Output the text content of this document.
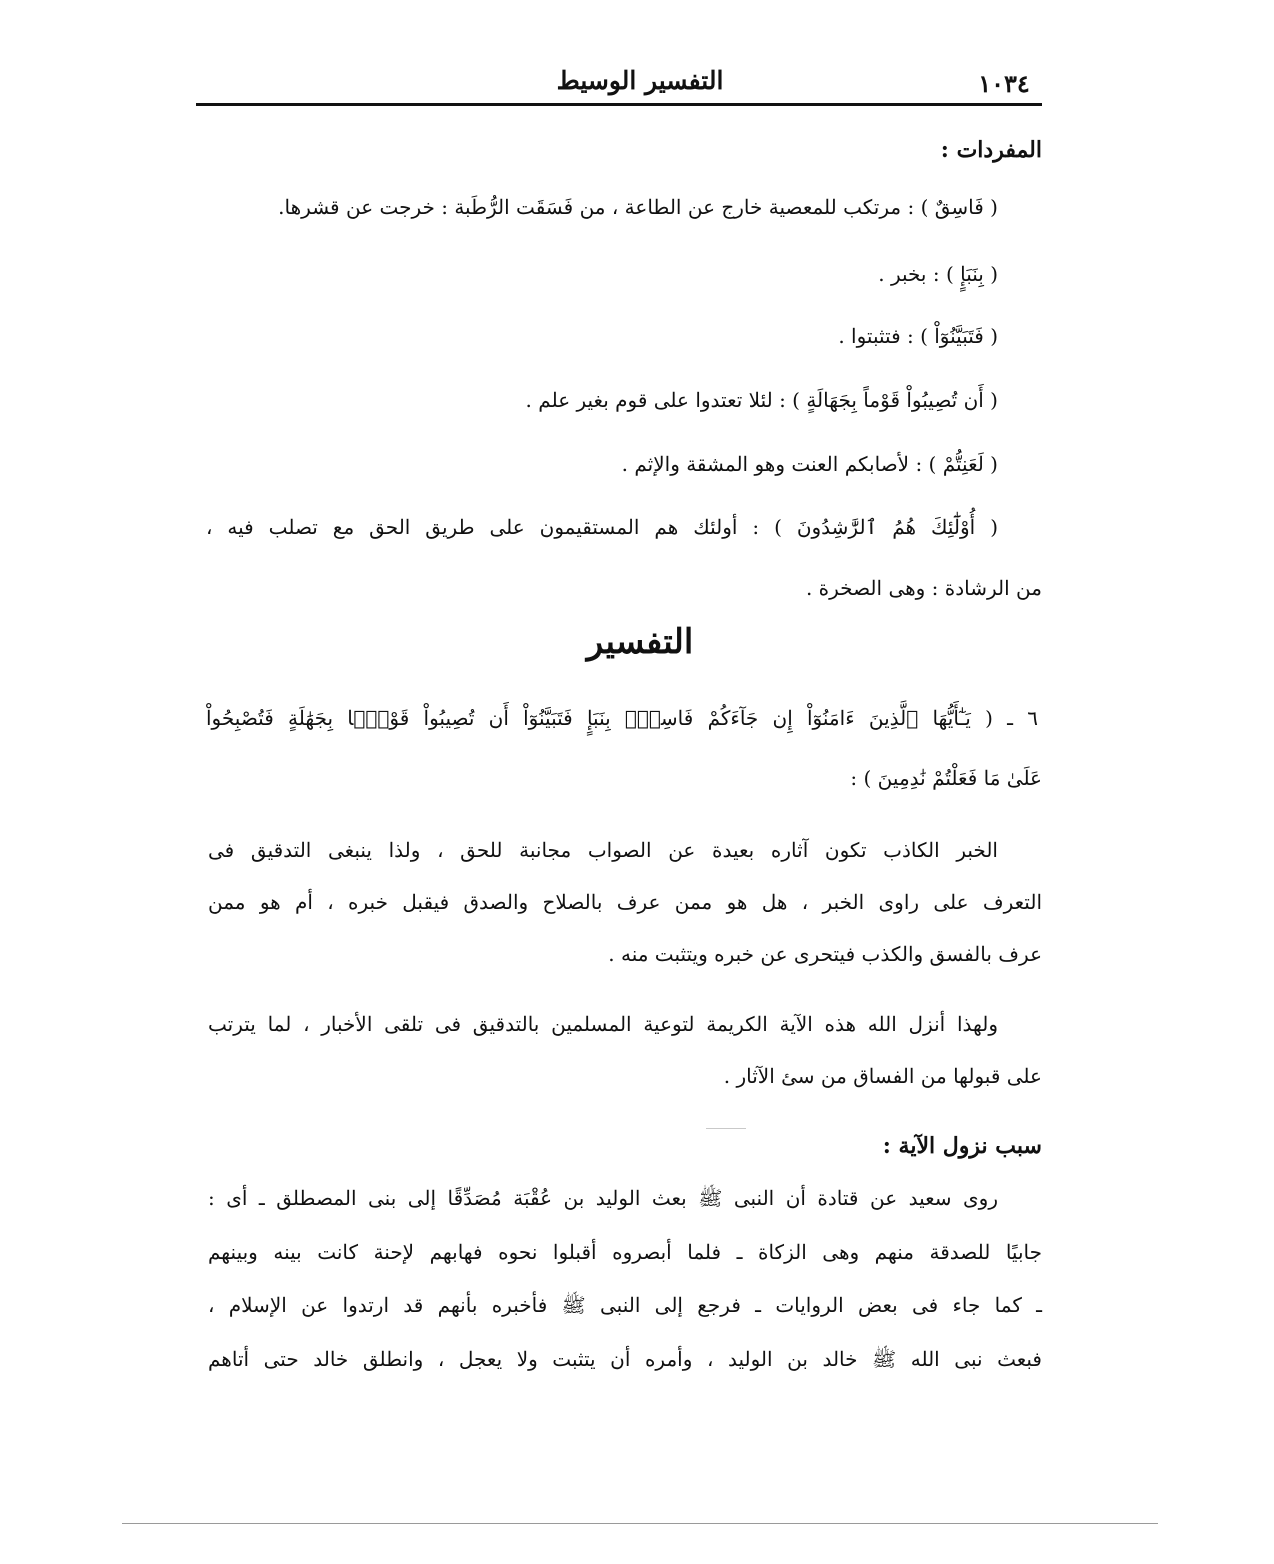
١٠٣٤
التفسير الوسيط
المفردات :
( فَاسِقٌ ) : مرتكب للمعصية خارج عن الطاعة ، من فَسَقَت الرُّطَبة : خرجت عن قشرها.
( بِنَبَإٍ ) : بخبر .
( فَتَبَيَّنُوٓاْ ) : فتثبتوا .
( أَن تُصِيبُواْ قَوْماً بِجَهَالَةٍ ) : لئلا تعتدوا على قوم بغير علم .
( لَعَنِتُّمْ ) : لأصابكم العنت وهو المشقة والإثم .
( أُوْلَٰٓئِكَ هُمُ ٱلرَّٰشِدُونَ ) : أولئك هم المستقيمون على طريق الحق مع تصلب فيه ،
من الرشادة : وهى الصخرة .
التفسير
٦ ـ ( يَـٰٓأَيُّهَا ٱلَّذِينَ ءَامَنُوٓاْ إِن جَآءَكُمْ فَاسِقٌۢ بِنَبَإٍ فَتَبَيَّنُوٓاْ أَن تُصِيبُواْ قَوْمًۢا بِجَهَٰلَةٍ فَتُصْبِحُواْ
عَلَىٰ مَا فَعَلْتُمْ نَٰدِمِينَ ) :
الخبر الكاذب تكون آثاره بعيدة عن الصواب مجانبة للحق ، ولذا ينبغى التدقيق فى
التعرف على راوى الخبر ، هل هو ممن عرف بالصلاح والصدق فيقبل خبره ، أم هو ممن
عرف بالفسق والكذب فيتحرى عن خبره ويتثبت منه .
ولهذا أنزل الله هذه الآية الكريمة لتوعية المسلمين بالتدقيق فى تلقى الأخبار ، لما يترتب
على قبولها من الفساق من سئ الآثار .
سبب نزول الآية :
روى سعيد عن قتادة أن النبى ﷺ بعث الوليد بن عُقْبَة مُصَدِّقًا إلى بنى المصطلق ـ أى :
جابيًا للصدقة منهم وهى الزكاة ـ فلما أبصروه أقبلوا نحوه فهابهم لإحنة كانت بينه وبينهم
ـ كما جاء فى بعض الروايات ـ فرجع إلى النبى ﷺ فأخبره بأنهم قد ارتدوا عن الإسلام ،
فبعث نبى الله ﷺ خالد بن الوليد ، وأمره أن يتثبت ولا يعجل ، وانطلق خالد حتى أتاهم
